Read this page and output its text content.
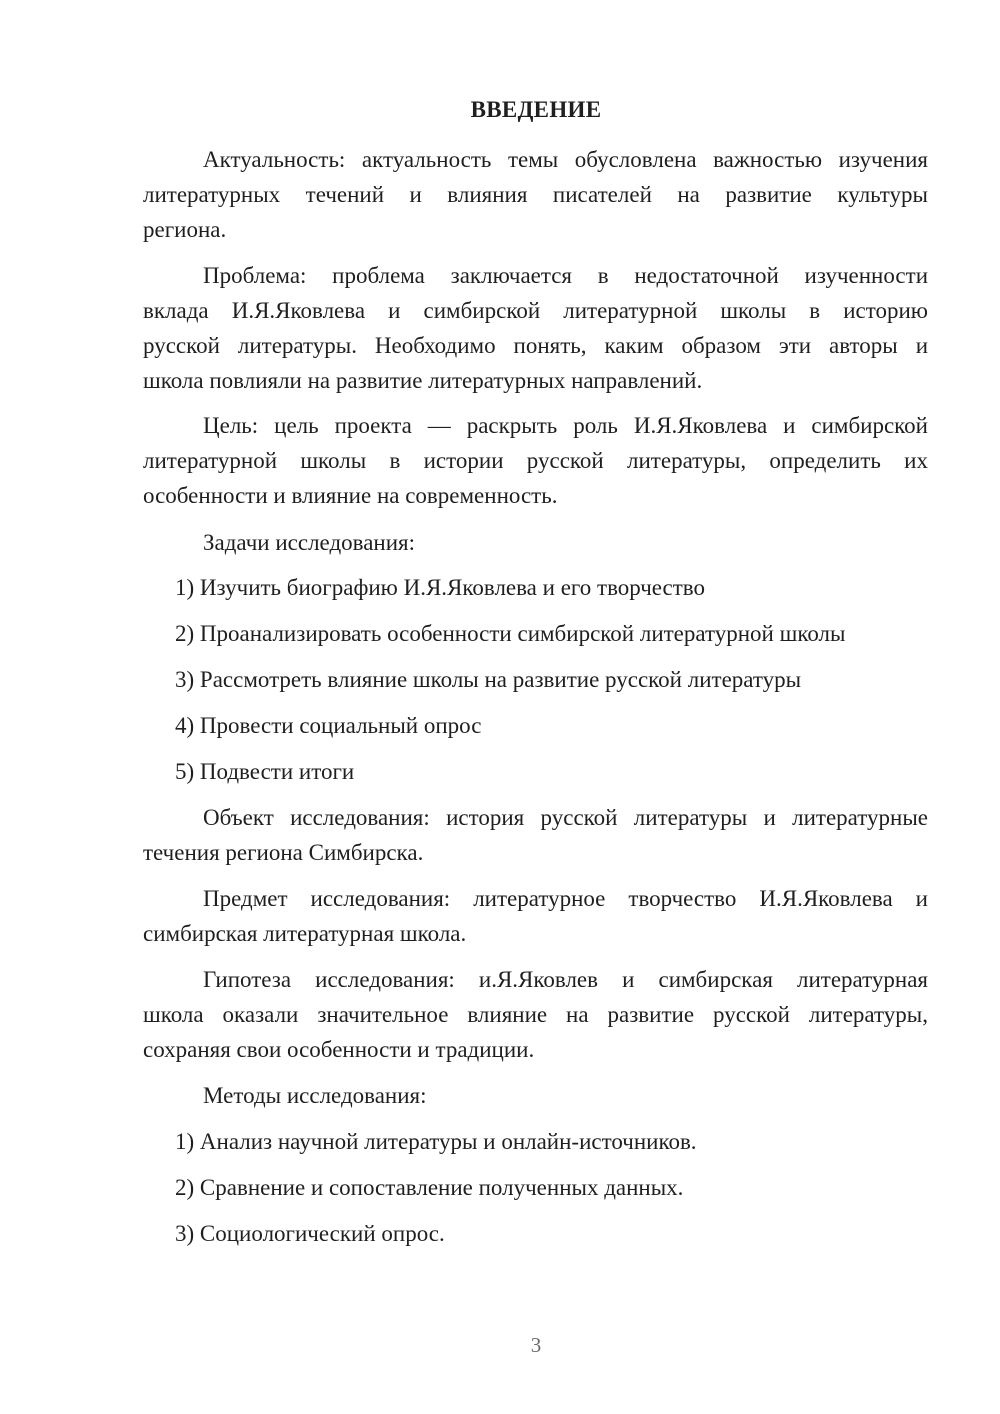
ВВЕДЕНИЕ
Актуальность: актуальность темы обусловлена важностью изучения
литературных течений и влияния писателей на развитие культуры
региона.
Проблема: проблема заключается в недостаточной изученности
вклада И.Я.Яковлева и симбирской литературной школы в историю
русской литературы. Необходимо понять, каким образом эти авторы и
школа повлияли на развитие литературных направлений.
Цель: цель проекта — раскрыть роль И.Я.Яковлева и симбирской
литературной школы в истории русской литературы, определить их
особенности и влияние на современность.
Задачи исследования:

1) Изучить биографию И.Я.Яковлева и его творчество

2) Проанализировать особенности симбирской литературной школы

3) Рассмотреть влияние школы на развитие русской литературы

4) Провести социальный опрос

5) Подвести итоги

Объект исследования: история русской литературы и литературные
течения региона Симбирска.
Предмет исследования: литературное творчество И.Я.Яковлева и
симбирская литературная школа.
Гипотеза исследования: и.Я.Яковлев и симбирская литературная
школа оказали значительное влияние на развитие русской литературы,
сохраняя свои особенности и традиции.
Методы исследования:

1) Анализ научной литературы и онлайн-источников.

2) Сравнение и сопоставление полученных данных.

3) Социологический опрос.

3
